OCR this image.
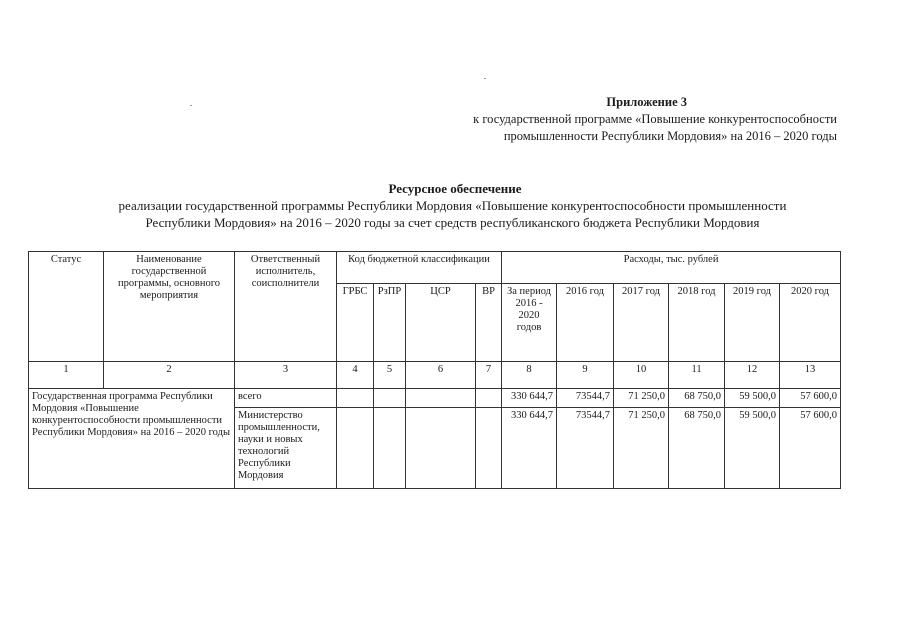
Приложение 3
к государственной программе «Повышение конкурентоспособности
промышленности Республики Мордовия» на 2016 – 2020 годы
Ресурсное обеспечение
реализации государственной программы Республики Мордовия «Повышение конкурентоспособности промышленности
Республики Мордовия» на 2016 – 2020 годы за счет средств республиканского бюджета Республики Мордовия
Статус	Наименование государственной программы, основного мероприятия	Ответственный исполнитель, соисполнители	Код бюджетной классификации				Расходы, тыс. рублей					
			ГРБС	РзПР	ЦСР	ВР	За период 2016 - 2020 годов	2016 год	2017 год	2018 год	2019 год	2020 год
1	2	3	4	5	6	7	8	9	10	11	12	13
Государственная программа Республики Мордовия «Повышение конкурентоспособности промышленности Республики Мордовия» на 2016 – 2020 годы		всего					330 644,7	73544,7	71 250,0	68 750,0	59 500,0	57 600,0
		Министерство промышленности, науки и новых технологий Республики Мордовия					330 644,7	73544,7	71 250,0	68 750,0	59 500,0	57 600,0
